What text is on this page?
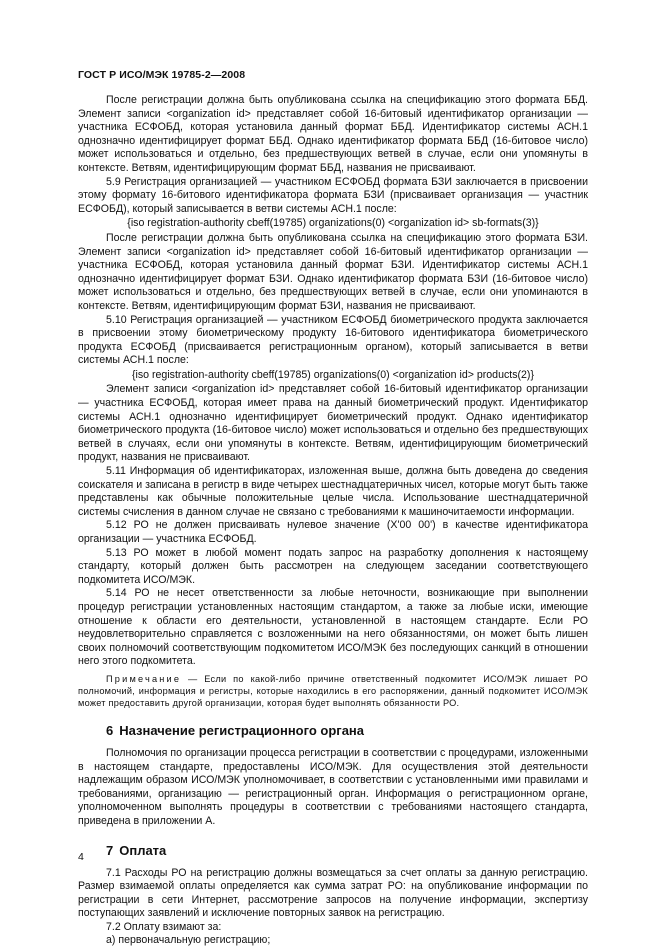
ГОСТ Р ИСО/МЭК 19785-2—2008

После регистрации должна быть опубликована ссылка на спецификацию этого формата ББД. Элемент записи <organization id> представляет собой 16-битовый идентификатор организации — участника ЕСФОБД, которая установила данный формат ББД. Идентификатор системы АСН.1 однозначно идентифицирует формат ББД. Однако идентификатор формата ББД (16-битовое число) может использоваться и отдельно, без предшествующих ветвей в случае, если они упомянуты в контексте. Ветвям, идентифицирующим формат ББД, названия не присваивают.

5.9 Регистрация организацией — участником ЕСФОБД формата БЗИ заключается в присвоении этому формату 16-битового идентификатора формата БЗИ (присваивает организация — участник ЕСФОБД), который записывается в ветви системы АСН.1 после:

{iso registration-authority cbeff(19785) organizations(0) <organization id> sb-formats(3)}

После регистрации должна быть опубликована ссылка на спецификацию этого формата БЗИ. Элемент записи <organization id> представляет собой 16-битовый идентификатор организации — участника ЕСФОБД, которая установила данный формат БЗИ. Идентификатор системы АСН.1 однозначно идентифицирует формат БЗИ. Однако идентификатор формата БЗИ (16-битовое число) может использоваться и отдельно, без предшествующих ветвей в случае, если они упоминаются в контексте. Ветвям, идентифицирующим формат БЗИ, названия не присваивают.

5.10 Регистрация организацией — участником ЕСФОБД биометрического продукта заключается в присвоении этому биометрическому продукту 16-битового идентификатора биометрического продукта ЕСФОБД (присваивается регистрационным органом), который записывается в ветви системы АСН.1 после:

{iso registration-authority cbeff(19785) organizations(0) <organization id> products(2)}

Элемент записи <organization id> представляет собой 16-битовый идентификатор организации — участника ЕСФОБД, которая имеет права на данный биометрический продукт. Идентификатор системы АСН.1 однозначно идентифицирует биометрический продукт. Однако идентификатор биометрического продукта (16-битовое число) может использоваться и отдельно без предшествующих ветвей в случаях, если они упомянуты в контексте. Ветвям, идентифицирующим биометрический продукт, названия не присваивают.

5.11 Информация об идентификаторах, изложенная выше, должна быть доведена до сведения соискателя и записана в регистр в виде четырех шестнадцатеричных чисел, которые могут быть также представлены как обычные положительные целые числа. Использование шестнадцатеричной системы счисления в данном случае не связано с требованиями к машиночитаемости информации.

5.12 РО не должен присваивать нулевое значение (X'00 00') в качестве идентификатора организации — участника ЕСФОБД.

5.13 РО может в любой момент подать запрос на разработку дополнения к настоящему стандарту, который должен быть рассмотрен на следующем заседании соответствующего подкомитета ИСО/МЭК.

5.14 РО не несет ответственности за любые неточности, возникающие при выполнении процедур регистрации установленных настоящим стандартом, а также за любые иски, имеющие отношение к области его деятельности, установленной в настоящем стандарте. Если РО неудовлетворительно справляется с возложенными на него обязанностями, он может быть лишен своих полномочий соответствующим подкомитетом ИСО/МЭК без последующих санкций в отношении него этого подкомитета.

Примечание — Если по какой-либо причине ответственный подкомитет ИСО/МЭК лишает РО полномочий, информация и регистры, которые находились в его распоряжении, данный подкомитет ИСО/МЭК может предоставить другой организации, которая будет выполнять обязанности РО.

6 Назначение регистрационного органа

Полномочия по организации процесса регистрации в соответствии с процедурами, изложенными в настоящем стандарте, предоставлены ИСО/МЭК. Для осуществления этой деятельности надлежащим образом ИСО/МЭК уполномочивает, в соответствии с установленными ими правилами и требованиями, организацию — регистрационный орган. Информация о регистрационном органе, уполномоченном выполнять процедуры в соответствии с требованиями настоящего стандарта, приведена в приложении А.

7 Оплата

7.1 Расходы РО на регистрацию должны возмещаться за счет оплаты за данную регистрацию. Размер взимаемой оплаты определяется как сумма затрат РО: на опубликование информации по регистрации в сети Интернет, рассмотрение запросов на получение информации, экспертизу поступающих заявлений и исключение повторных заявок на регистрацию.

7.2 Оплату взимают за:

а) первоначальную регистрацию;

4
